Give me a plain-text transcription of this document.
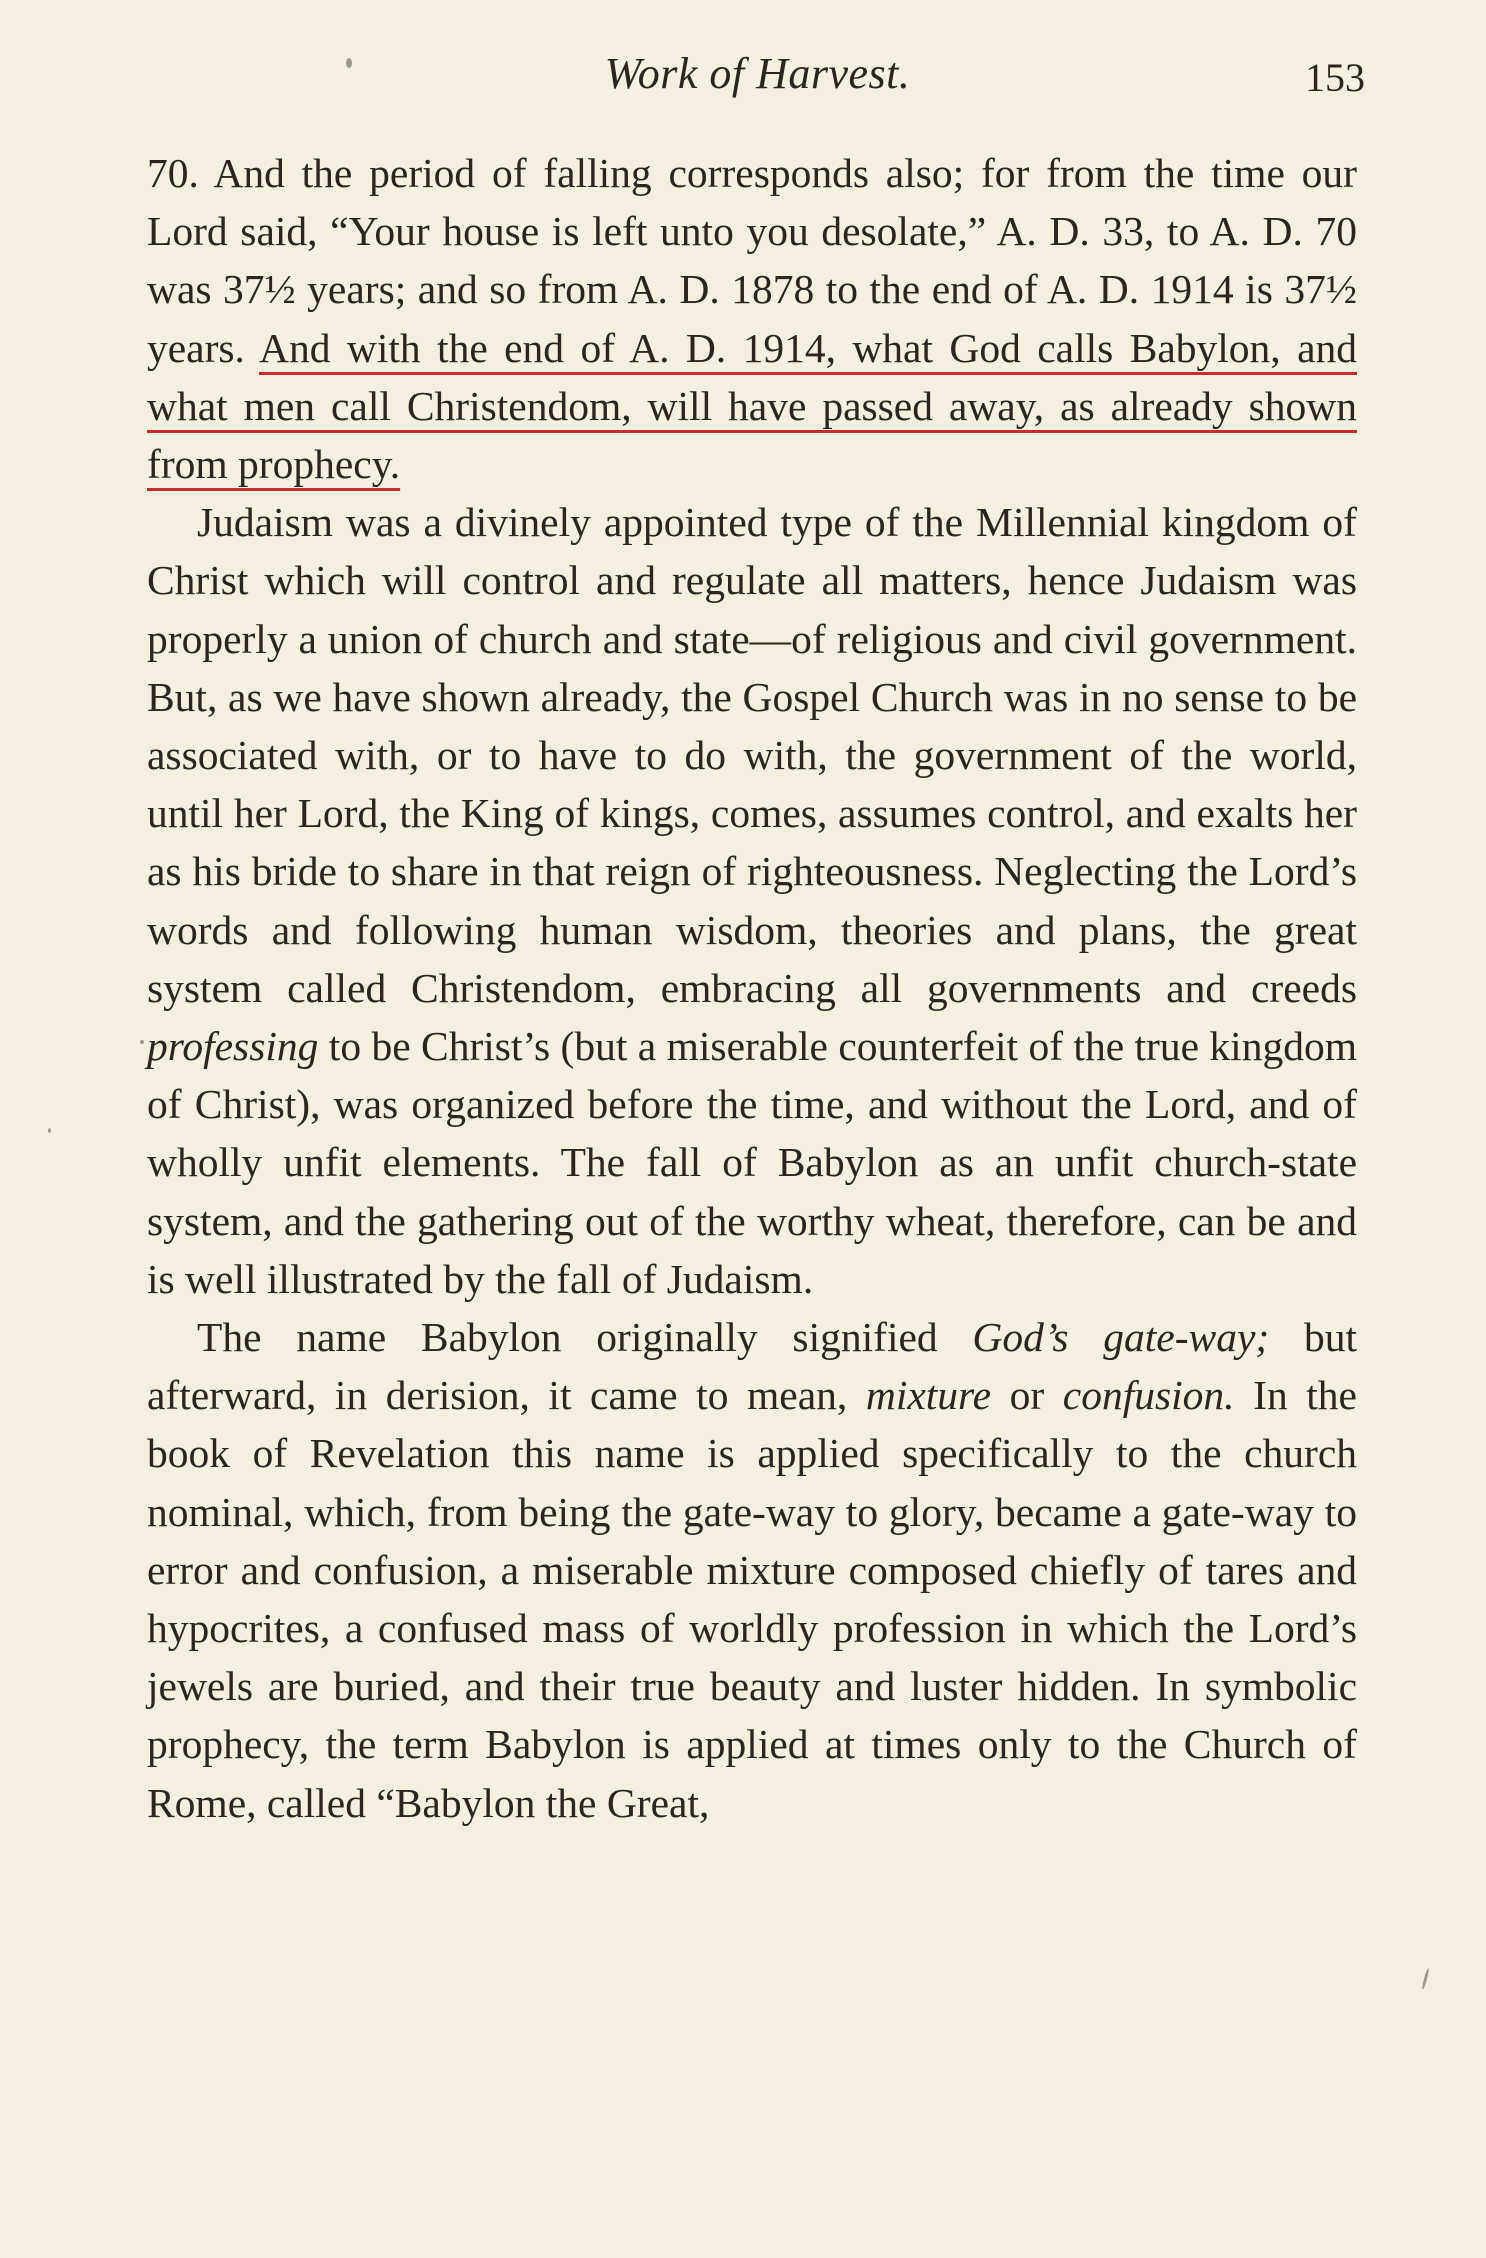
Work of Harvest.	153

70. And the period of falling corresponds also; for from the time our Lord said, “Your house is left unto you desolate,” A. D. 33, to A. D. 70 was 37½ years; and so from A. D. 1878 to the end of A. D. 1914 is 37½ years. And with the end of A. D. 1914, what God calls Babylon, and what men call Christendom, will have passed away, as already shown from prophecy.

Judaism was a divinely appointed type of the Millennial kingdom of Christ which will control and regulate all matters, hence Judaism was properly a union of church and state—of religious and civil government. But, as we have shown already, the Gospel Church was in no sense to be associated with, or to have to do with, the government of the world, until her Lord, the King of kings, comes, assumes control, and exalts her as his bride to share in that reign of righteousness. Neglecting the Lord’s words and following human wisdom, theories and plans, the great system called Christendom, embracing all governments and creeds professing to be Christ’s (but a miserable counterfeit of the true kingdom of Christ), was organized before the time, and without the Lord, and of wholly unfit elements. The fall of Babylon as an unfit church-state system, and the gathering out of the worthy wheat, therefore, can be and is well illustrated by the fall of Judaism.

The name Babylon originally signified God’s gate-way; but afterward, in derision, it came to mean, mixture or confusion. In the book of Revelation this name is applied specifically to the church nominal, which, from being the gate-way to glory, became a gate-way to error and confusion, a miserable mixture composed chiefly of tares and hypocrites, a confused mass of worldly profession in which the Lord’s jewels are buried, and their true beauty and luster hidden. In symbolic prophecy, the term Babylon is applied at times only to the Church of Rome, called “Babylon the Great,
